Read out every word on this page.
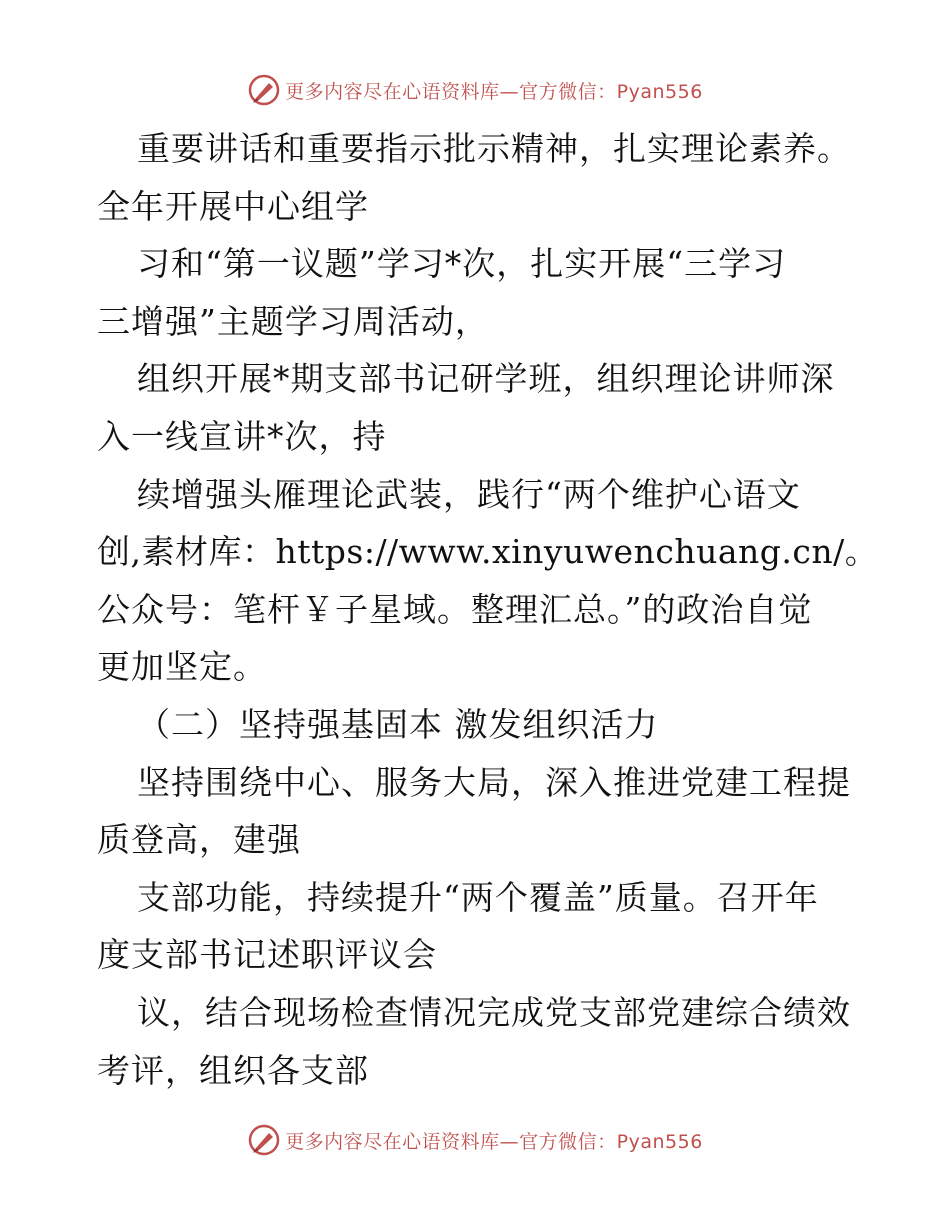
更多内容尽在心语资料库—官方微信：Pyan556
重要讲话和重要指示批示精神，扎实理论素养。
全年开展中心组学
习和“第一议题”学习*次，扎实开展“三学习
三增强”主题学习周活动，
组织开展*期支部书记研学班，组织理论讲师深
入一线宣讲*次，持
续增强头雁理论武装，践行“两个维护心语文
创,素材库：https://www.xinyuwenchuang.cn/。
公众号：笔杆￥子星域。整理汇总。”的政治自觉
更加坚定。
（二）坚持强基固本 激发组织活力
坚持围绕中心、服务大局，深入推进党建工程提
质登高，建强
支部功能，持续提升“两个覆盖”质量。召开年
度支部书记述职评议会
议，结合现场检查情况完成党支部党建综合绩效
考评，组织各支部
更多内容尽在心语资料库—官方微信：Pyan556
